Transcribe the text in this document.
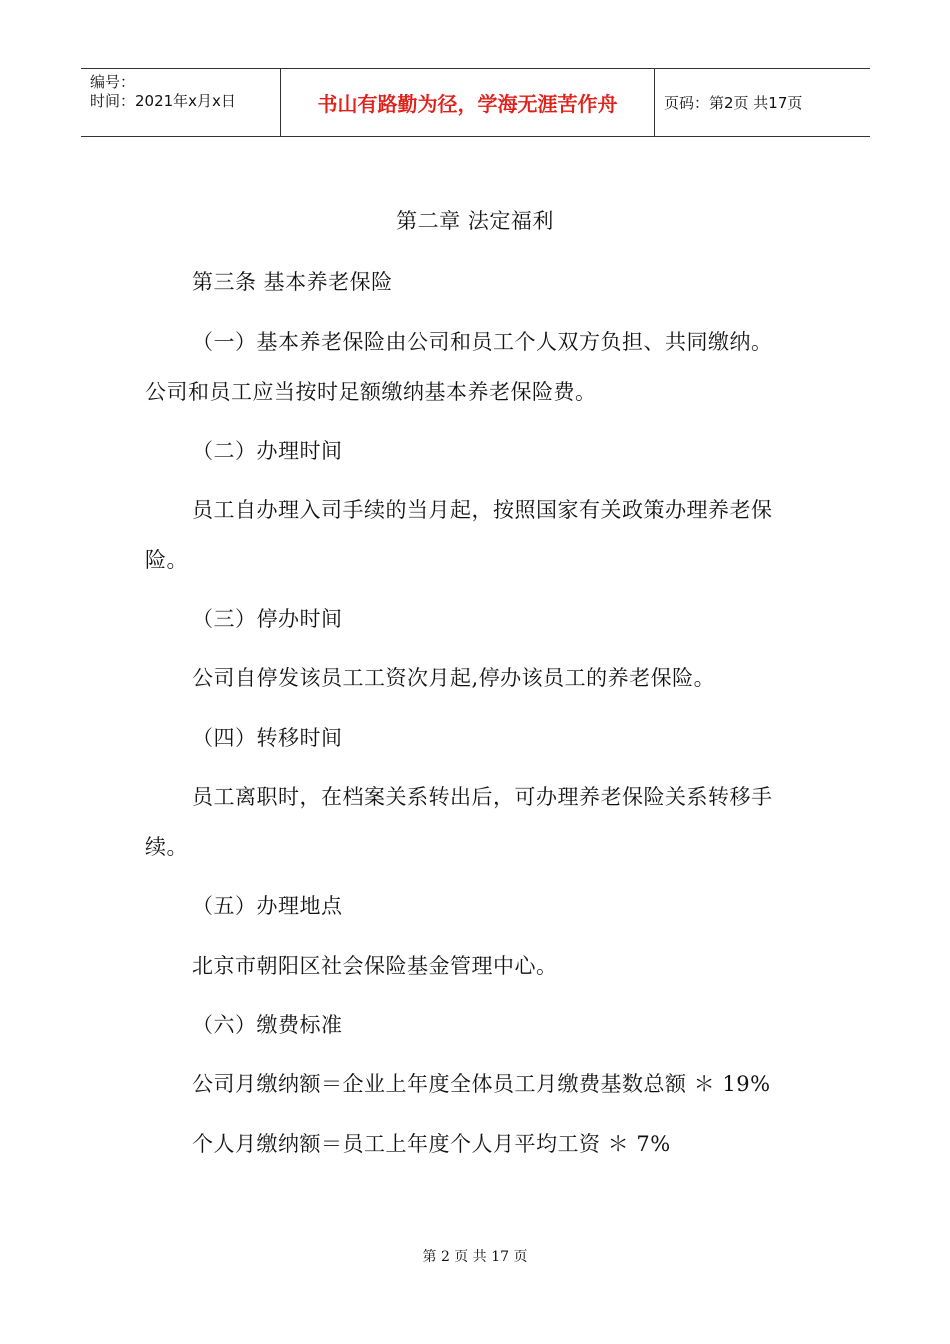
编号：
时间：2021年x月x日	书山有路勤为径，学海无涯苦作舟	页码：第2页 共17页
第二章 法定福利
第三条 基本养老保险
（一）基本养老保险由公司和员工个人双方负担、共同缴纳。
公司和员工应当按时足额缴纳基本养老保险费。
（二）办理时间
员工自办理入司手续的当月起，按照国家有关政策办理养老保
险。
（三）停办时间
公司自停发该员工工资次月起,停办该员工的养老保险。
（四）转移时间
员工离职时，在档案关系转出后，可办理养老保险关系转移手
续。
（五）办理地点
北京市朝阳区社会保险基金管理中心。
（六）缴费标准
公司月缴纳额＝企业上年度全体员工月缴费基数总额 ＊ 19%
个人月缴纳额＝员工上年度个人月平均工资 ＊ 7%
第 2 页 共 17 页
